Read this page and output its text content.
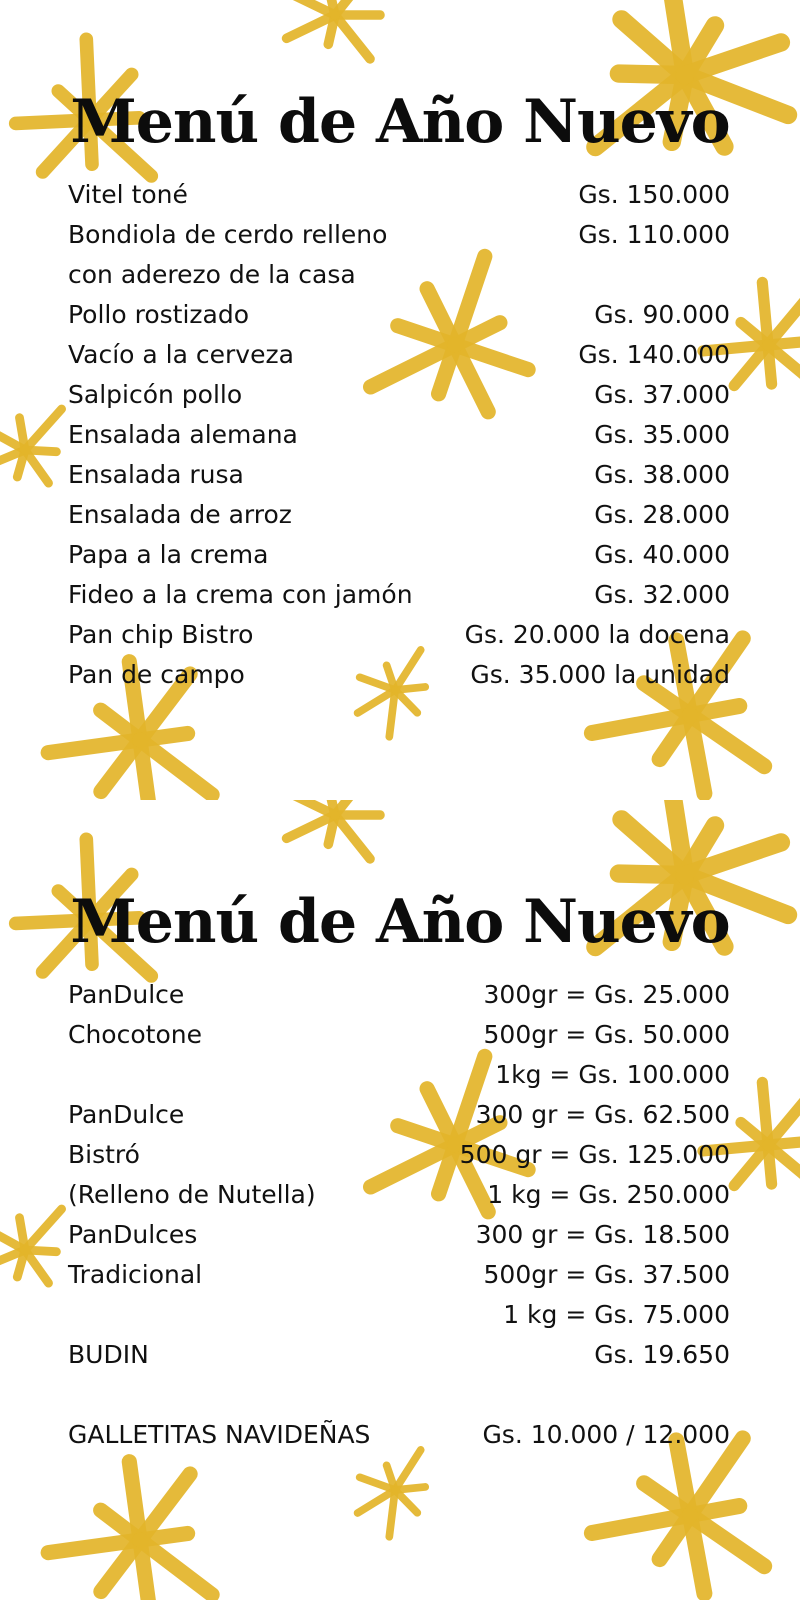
Menú de Año Nuevo
Vitel toné	Gs. 150.000
Bondiola de cerdo relleno	Gs. 110.000
con aderezo de la casa
Pollo rostizado	Gs. 90.000
Vacío a la cerveza	Gs. 140.000
Salpicón pollo	Gs. 37.000
Ensalada alemana	Gs. 35.000
Ensalada rusa	Gs. 38.000
Ensalada de arroz	Gs. 28.000
Papa a la crema	Gs. 40.000
Fideo a la crema con jamón	Gs. 32.000
Pan chip Bistro	Gs. 20.000 la docena
Pan de campo	Gs. 35.000 la unidad
Menú de Año Nuevo
PanDulce	300gr = Gs. 25.000
Chocotone	500gr = Gs. 50.000
1kg = Gs. 100.000
PanDulce	300 gr = Gs. 62.500
Bistró	500 gr = Gs. 125.000
(Relleno de Nutella)	1 kg = Gs. 250.000
PanDulces	300 gr = Gs. 18.500
Tradicional	500gr = Gs. 37.500
1 kg = Gs. 75.000
BUDIN	Gs. 19.650
GALLETITAS NAVIDEÑAS	Gs. 10.000 / 12.000
